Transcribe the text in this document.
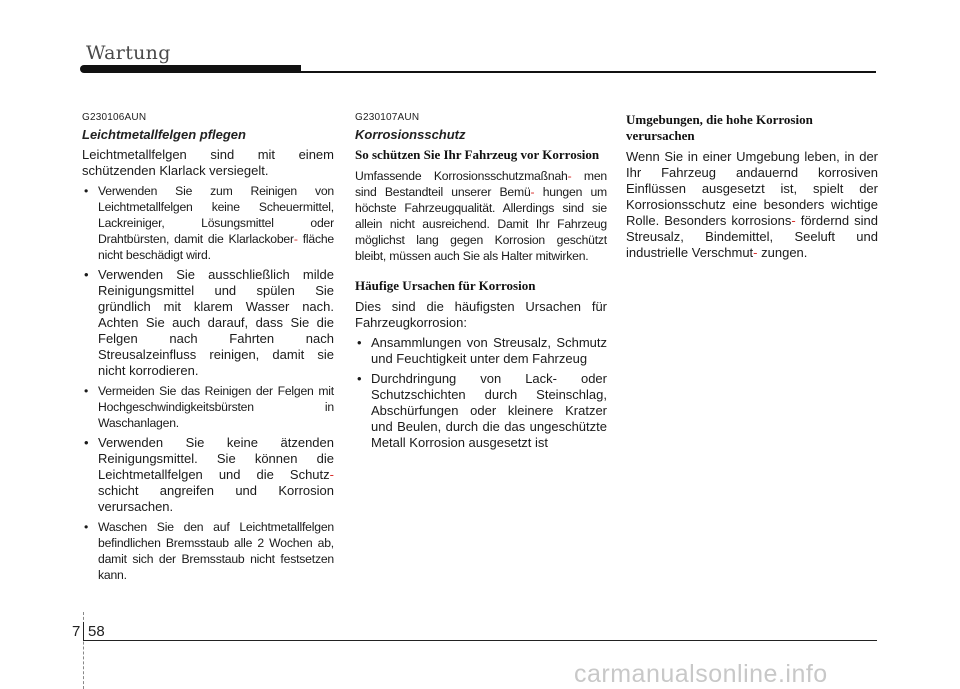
Wartung
G230106AUN
Leichtmetallfelgen pflegen

Leichtmetallfelgen sind mit einem schützenden Klarlack versiegelt.

• Verwenden Sie zum Reinigen von Leichtmetallfelgen keine Scheuermittel, Lackreiniger, Lösungsmittel oder Drahtbürsten, damit die Klarlackober- fläche nicht beschädigt wird.
• Verwenden Sie ausschließlich milde Reinigungsmittel und spülen Sie gründlich mit klarem Wasser nach. Achten Sie auch darauf, dass Sie die Felgen nach Fahrten nach Streusalzeinfluss reinigen, damit sie nicht korrodieren.
• Vermeiden Sie das Reinigen der Felgen mit Hochgeschwindigkeitsbürsten in Waschanlagen.
• Verwenden Sie keine ätzenden Reinigungsmittel. Sie können die Leichtmetallfelgen und die Schutz- schicht angreifen und Korrosion verursachen.
• Waschen Sie den auf Leichtmetallfelgen befindlichen Bremsstaub alle 2 Wochen ab, damit sich der Bremsstaub nicht festsetzen kann.
G230107AUN
Korrosionsschutz
So schützen Sie Ihr Fahrzeug vor Korrosion

Umfassende Korrosionsschutzmaßnah- men sind Bestandteil unserer Bemü- hungen um höchste Fahrzeugqualität. Allerdings sind sie allein nicht ausreichend. Damit Ihr Fahrzeug möglichst lang gegen Korrosion geschützt bleibt, müssen auch Sie als Halter mitwirken.

Häufige Ursachen für Korrosion

Dies sind die häufigsten Ursachen für Fahrzeugkorrosion:

• Ansammlungen von Streusalz, Schmutz und Feuchtigkeit unter dem Fahrzeug
• Durchdringung von Lack- oder Schutzschichten durch Steinschlag, Abschürfungen oder kleinere Kratzer und Beulen, durch die das ungeschützte Metall Korrosion ausgesetzt ist
Umgebungen, die hohe Korrosion verursachen

Wenn Sie in einer Umgebung leben, in der Ihr Fahrzeug andauernd korrosiven Einflüssen ausgesetzt ist, spielt der Korrosionsschutz eine besonders wichtige Rolle. Besonders korrosions- fördernd sind Streusalz, Bindemittel, Seeluft und industrielle Verschmut- zungen.

7 58
carmanualsonline.info
